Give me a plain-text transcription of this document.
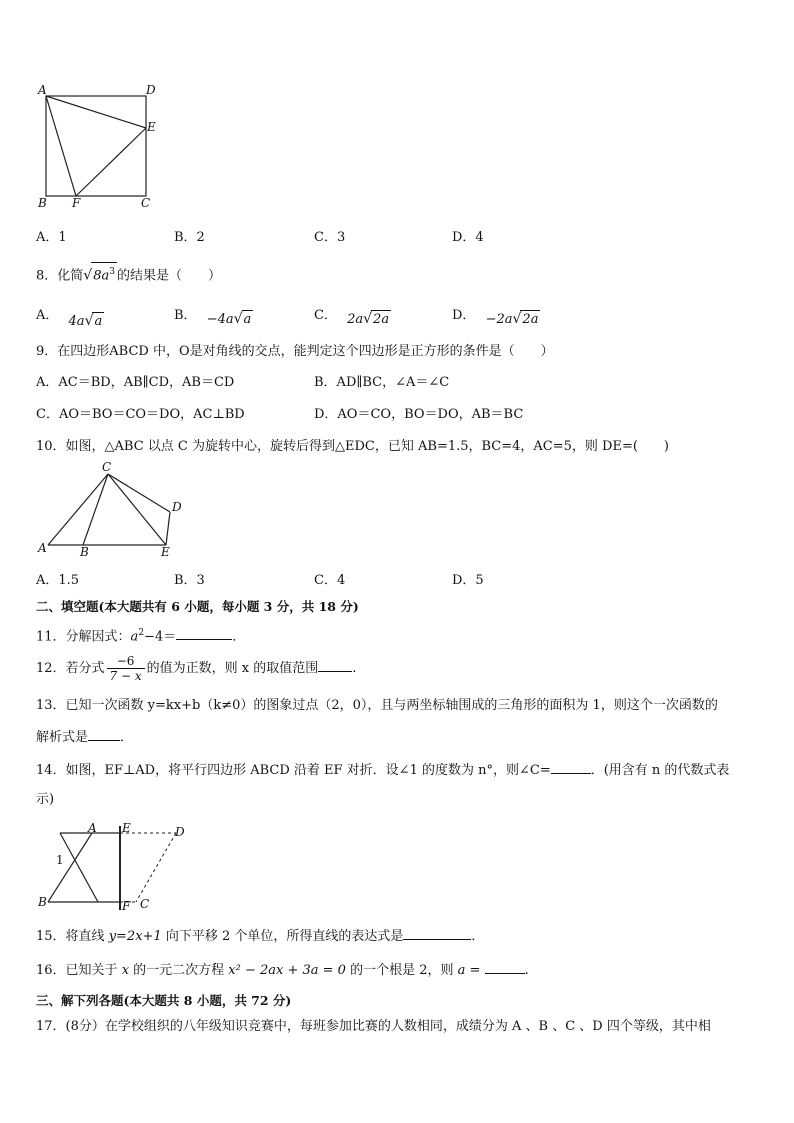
A	D
E
B F	C
A．1	B．2	C．3	D．4
8．化简$√8a^3$ 的结果是（　　）
A． 4a√a	B． −4a√a	C． 2a√2a	D． −2a√2a
9．在四边形ABCD 中，O是对角线的交点，能判定这个四边形是正方形的条件是（　　）
A．AC＝BD，AB∥CD，AB＝CD	B．AD∥BC，∠A＝∠C
C．AO＝BO＝CO＝DO，AC⊥BD	D．AO＝CO，BO＝DO，AB＝BC
10．如图，△ABC 以点 C 为旋转中心，旋转后得到△EDC，已知 AB=1.5，BC=4，AC=5，则 DE=(　　)
C
D
A	B	E
A．1.5	B．3	C．4	D．5
二、填空题(本大题共有 6 小题，每小题 3 分，共 18 分)
11．分解因式：$a^2-4=$	．
12．若分式 $\frac{-6}{7 - x}$ 的值为正数，则 x 的取值范围	.
13．已知一次函数 y=kx+b（k≠0）的图象过点（2，0），且与两坐标轴围成的三角形的面积为 1，则这个一次函数的
解析式是 ．
14．如图，EF⊥AD，将平行四边形 ABCD 沿着 EF 对折．设∠1 的度数为 n°，则∠C=	．(用含有 n 的代数式表
示)
A E	D
1
B	F C
15．将直线 y=2x+1 向下平移 2 个单位，所得直线的表达式是	．
16．已知关于 x 的一元二次方程 x² − 2ax + 3a = 0 的一个根是 2，则 a =	.
三、解下列各题(本大题共 8 小题，共 72 分)
17．(8分）在学校组织的八年级知识竞赛中，每班参加比赛的人数相同，成绩分为 A 、B 、C 、D 四个等级，其中相
